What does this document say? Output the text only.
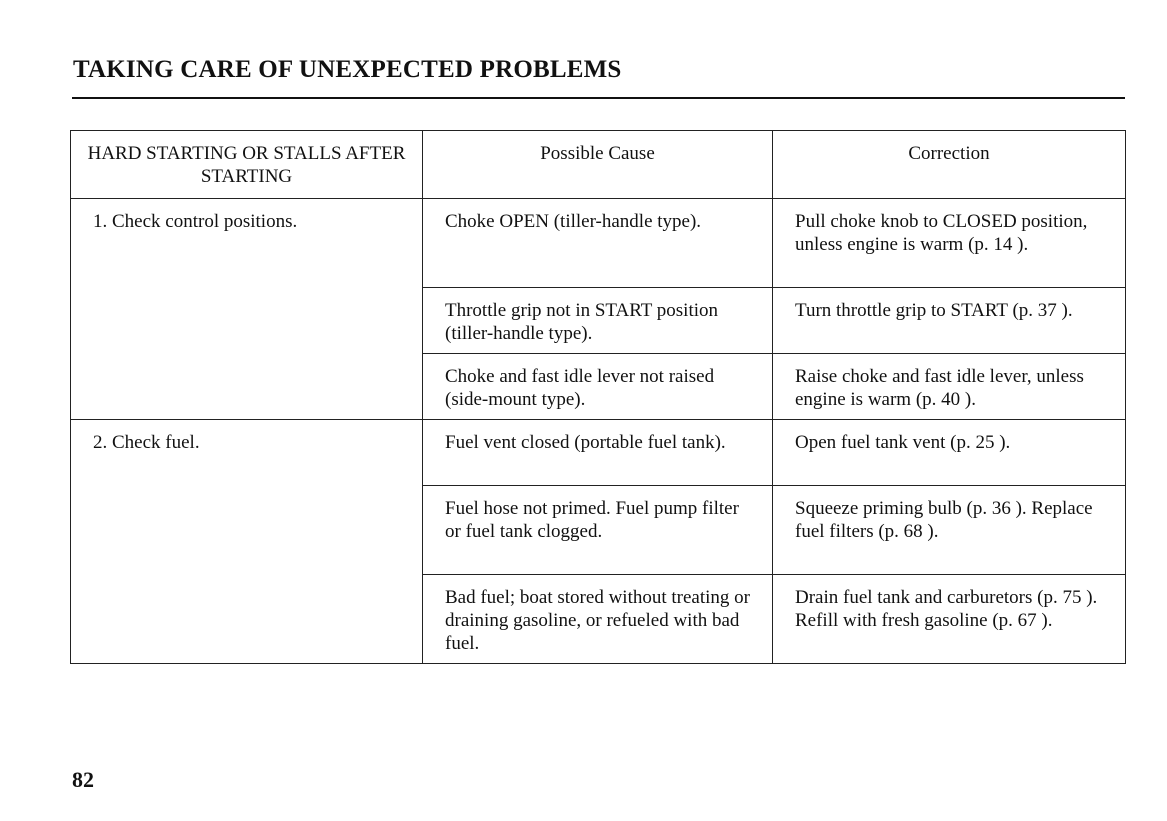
TAKING CARE OF UNEXPECTED PROBLEMS
HARD STARTING OR STALLS AFTER STARTING	Possible Cause	Correction
1. Check control positions.	Choke OPEN (tiller-handle type).	Pull choke knob to CLOSED position, unless engine is warm (p. 14 ).
	Throttle grip not in START position (tiller-handle type).	Turn throttle grip to START (p. 37 ).
	Choke and fast idle lever not raised (side-mount type).	Raise choke and fast idle lever, unless engine is warm (p. 40 ).
2. Check fuel.	Fuel vent closed (portable fuel tank).	Open fuel tank vent (p. 25 ).
	Fuel hose not primed. Fuel pump filter or fuel tank clogged.	Squeeze priming bulb (p. 36 ). Replace fuel filters (p. 68 ).
	Bad fuel; boat stored without treating or draining gasoline, or refueled with bad fuel.	Drain fuel tank and carburetors (p. 75 ). Refill with fresh gasoline (p. 67 ).
82
